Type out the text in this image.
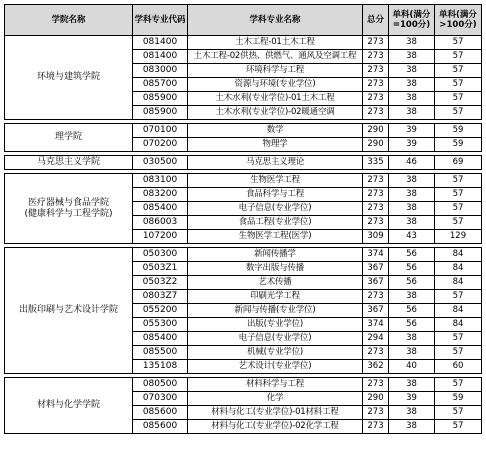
学院名称	学科专业代码	学科专业名称	总分	单科(满分=100分)	单科(满分>100分)
环境与建筑学院	081400	土木工程-01土木工程	273	38	57
	081400	土木工程-02供热、供燃气、通风及空调工程	273	38	57
	083000	环境科学与工程	273	38	57
	085700	资源与环境(专业学位)	273	38	57
	085900	土木水利(专业学位)-01土木工程	273	38	57
	085900	土木水利(专业学位)-02暖通空调	273	38	57

理学院	070100	数学	290	39	59
	070200	物理学	290	39	59

马克思主义学院	030500	马克思主义理论	335	46	69

医疗器械与食品学院
(健康科学与工程学院)	083100	生物医学工程	273	38	57
	083200	食品科学与工程	273	38	57
	085400	电子信息(专业学位)	273	38	57
	086003	食品工程(专业学位)	273	38	57
	107200	生物医学工程(医学)	309	43	129

出版印刷与艺术设计学院	050300	新闻传播学	374	56	84
	0503Z1	数字出版与传播	367	56	84
	0503Z2	艺术传播	367	56	84
	0803Z7	印刷光学工程	273	38	57
	055200	新闻与传播(专业学位)	367	56	84
	055300	出版(专业学位)	374	56	84
	085400	电子信息(专业学位)	294	38	57
	085500	机械(专业学位)	273	38	57
	135108	艺术设计(专业学位)	362	40	60

材料与化学学院	080500	材料科学与工程	273	38	57
	070300	化学	290	39	59
	085600	材料与化工(专业学位)-01材料工程	273	38	57
	085600	材料与化工(专业学位)-02化学工程	273	38	57
